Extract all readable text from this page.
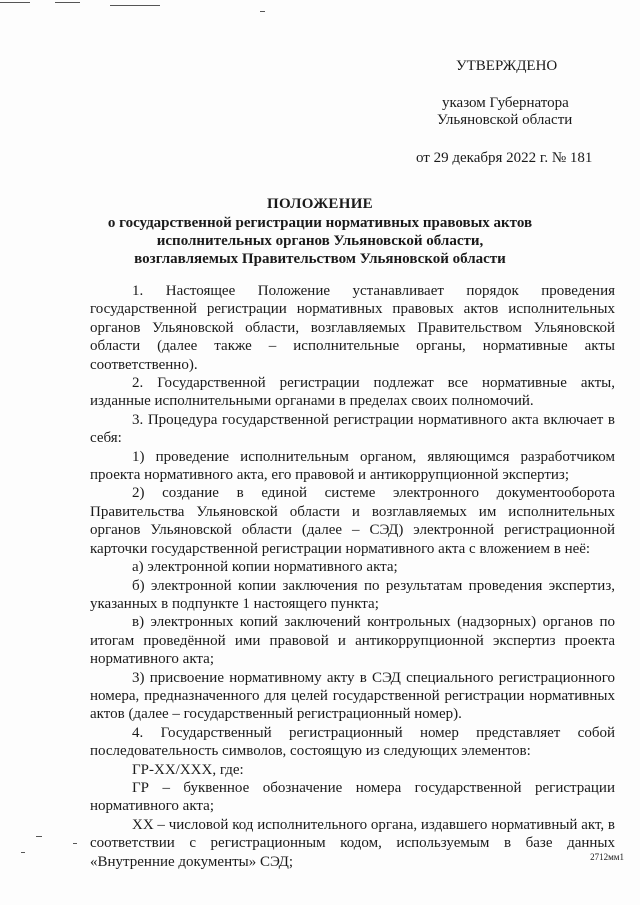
УТВЕРЖДЕНО
указом Губернатора
Ульяновской области
от 29 декабря 2022 г. № 181
ПОЛОЖЕНИЕ
о государственной регистрации нормативных правовых актов
исполнительных органов Ульяновской области,
возглавляемых Правительством Ульяновской области

1. Настоящее Положение устанавливает порядок проведения государственной регистрации нормативных правовых актов исполнительных органов Ульяновской области, возглавляемых Правительством Ульяновской области (далее также – исполнительные органы, нормативные акты соответственно).

2. Государственной регистрации подлежат все нормативные акты, изданные исполнительными органами в пределах своих полномочий.

3. Процедура государственной регистрации нормативного акта включает в себя:

1) проведение исполнительным органом, являющимся разработчиком проекта нормативного акта, его правовой и антикоррупционной экспертиз;

2) создание в единой системе электронного документооборота Правительства Ульяновской области и возглавляемых им исполнительных органов Ульяновской области (далее – СЭД) электронной регистрационной карточки государственной регистрации нормативного акта с вложением в неё:

а) электронной копии нормативного акта;

б) электронной копии заключения по результатам проведения экспертиз, указанных в подпункте 1 настоящего пункта;

в) электронных копий заключений контрольных (надзорных) органов по итогам проведённой ими правовой и антикоррупционной экспертиз проекта нормативного акта;

3) присвоение нормативному акту в СЭД специального регистрационного номера, предназначенного для целей государственной регистрации нормативных актов (далее – государственный регистрационный номер).

4. Государственный регистрационный номер представляет собой последовательность символов, состоящую из следующих элементов:

ГР-ХХ/ХХХ, где:

ГР – буквенное обозначение номера государственной регистрации нормативного акта;

ХХ – числовой код исполнительного органа, издавшего нормативный акт, в соответствии с регистрационным кодом, используемым в базе данных «Внутренние документы» СЭД;	2712мм1
